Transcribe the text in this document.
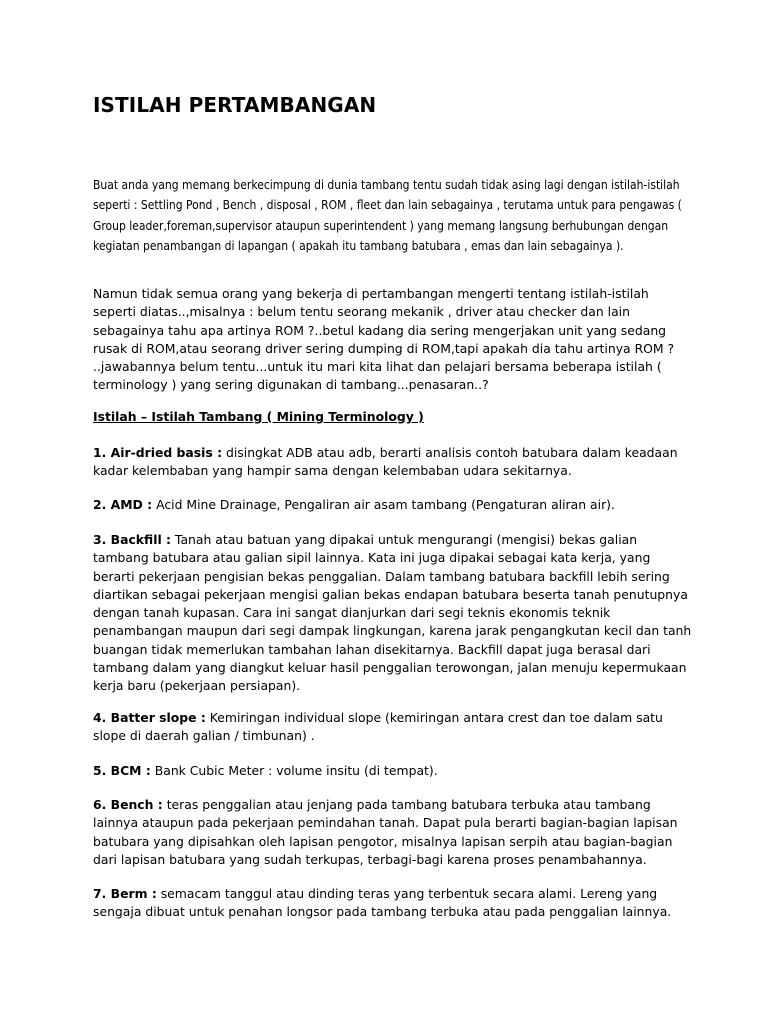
ISTILAH PERTAMBANGAN

Buat anda yang memang berkecimpung di dunia tambang tentu sudah tidak asing lagi dengan istilah-istilah seperti : Settling Pond , Bench , disposal , ROM , fleet dan lain sebagainya , terutama untuk para pengawas ( Group leader,foreman,supervisor ataupun superintendent ) yang memang langsung berhubungan dengan kegiatan penambangan di lapangan ( apakah itu tambang batubara , emas dan lain sebagainya ).

Namun tidak semua orang yang bekerja di pertambangan mengerti tentang istilah-istilah seperti diatas..,misalnya : belum tentu seorang mekanik , driver atau checker dan lain sebagainya tahu apa artinya ROM ?..betul kadang dia sering mengerjakan unit yang sedang rusak di ROM,atau seorang driver sering dumping di ROM,tapi apakah dia tahu artinya ROM ? ..jawabannya belum tentu...untuk itu mari kita lihat dan pelajari bersama beberapa istilah ( terminology ) yang sering digunakan di tambang...penasaran..?

Istilah – Istilah Tambang ( Mining Terminology )

1. Air-dried basis : disingkat ADB atau adb, berarti analisis contoh batubara dalam keadaan kadar kelembaban yang hampir sama dengan kelembaban udara sekitarnya.

2. AMD : Acid Mine Drainage, Pengaliran air asam tambang (Pengaturan aliran air).

3. Backfill : Tanah atau batuan yang dipakai untuk mengurangi (mengisi) bekas galian tambang batubara atau galian sipil lainnya. Kata ini juga dipakai sebagai kata kerja, yang berarti pekerjaan pengisian bekas penggalian. Dalam tambang batubara backfill lebih sering diartikan sebagai pekerjaan mengisi galian bekas endapan batubara beserta tanah penutupnya dengan tanah kupasan. Cara ini sangat dianjurkan dari segi teknis ekonomis teknik penambangan maupun dari segi dampak lingkungan, karena jarak pengangkutan kecil dan tanh buangan tidak memerlukan tambahan lahan disekitarnya. Backfill dapat juga berasal dari tambang dalam yang diangkut keluar hasil penggalian terowongan, jalan menuju kepermukaan kerja baru (pekerjaan persiapan).

4. Batter slope : Kemiringan individual slope (kemiringan antara crest dan toe dalam satu slope di daerah galian / timbunan) .

5. BCM : Bank Cubic Meter : volume insitu (di tempat).

6. Bench : teras penggalian atau jenjang pada tambang batubara terbuka atau tambang lainnya ataupun pada pekerjaan pemindahan tanah. Dapat pula berarti bagian-bagian lapisan batubara yang dipisahkan oleh lapisan pengotor, misalnya lapisan serpih atau bagian-bagian dari lapisan batubara yang sudah terkupas, terbagi-bagi karena proses penambahannya.

7. Berm : semacam tanggul atau dinding teras yang terbentuk secara alami. Lereng yang sengaja dibuat untuk penahan longsor pada tambang terbuka atau pada penggalian lainnya.
